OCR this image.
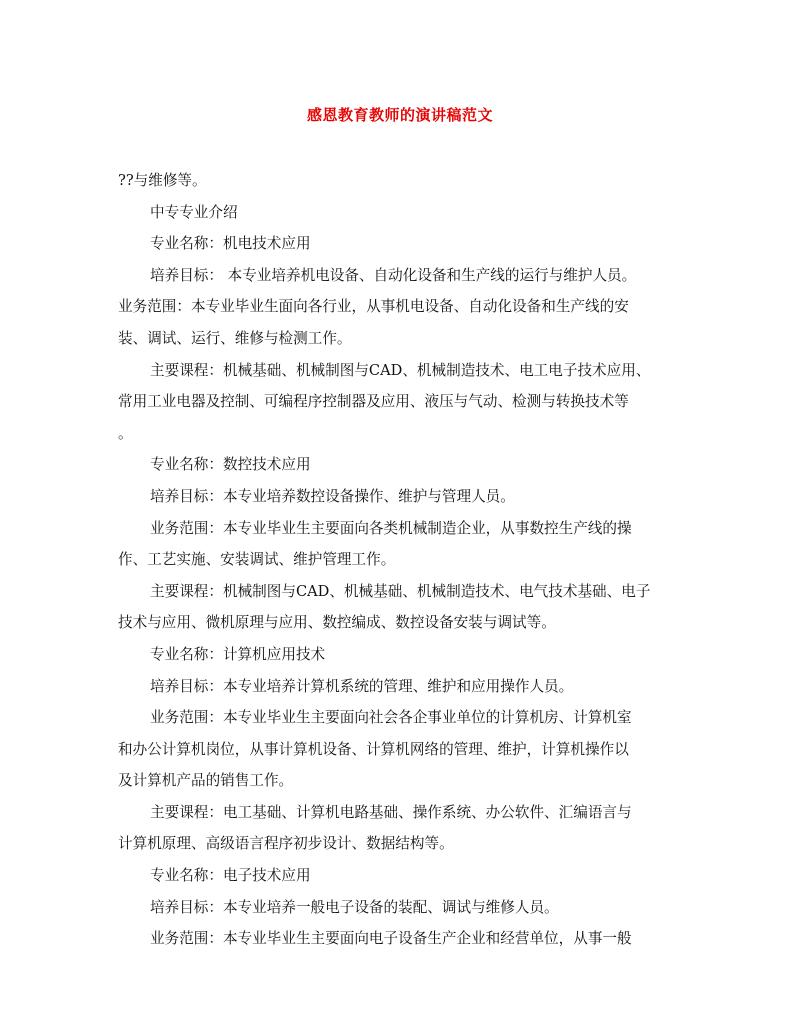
感恩教育教师的演讲稿范文
??与维修等。
中专专业介绍
专业名称：机电技术应用
培养目标： 本专业培养机电设备、自动化设备和生产线的运行与维护人员。
业务范围：本专业毕业生面向各行业，从事机电设备、自动化设备和生产线的安
装、调试、运行、维修与检测工作。
主要课程：机械基础、机械制图与CAD、机械制造技术、电工电子技术应用、
常用工业电器及控制、可编程序控制器及应用、液压与气动、检测与转换技术等
。
专业名称：数控技术应用
培养目标：本专业培养数控设备操作、维护与管理人员。
业务范围：本专业毕业生主要面向各类机械制造企业，从事数控生产线的操
作、工艺实施、安装调试、维护管理工作。
主要课程：机械制图与CAD、机械基础、机械制造技术、电气技术基础、电子
技术与应用、微机原理与应用、数控编成、数控设备安装与调试等。
专业名称：计算机应用技术
培养目标：本专业培养计算机系统的管理、维护和应用操作人员。
业务范围：本专业毕业生主要面向社会各企事业单位的计算机房、计算机室
和办公计算机岗位，从事计算机设备、计算机网络的管理、维护，计算机操作以
及计算机产品的销售工作。
主要课程：电工基础、计算机电路基础、操作系统、办公软件、汇编语言与
计算机原理、高级语言程序初步设计、数据结构等。
专业名称：电子技术应用
培养目标：本专业培养一般电子设备的装配、调试与维修人员。
业务范围：本专业毕业生主要面向电子设备生产企业和经营单位，从事一般
